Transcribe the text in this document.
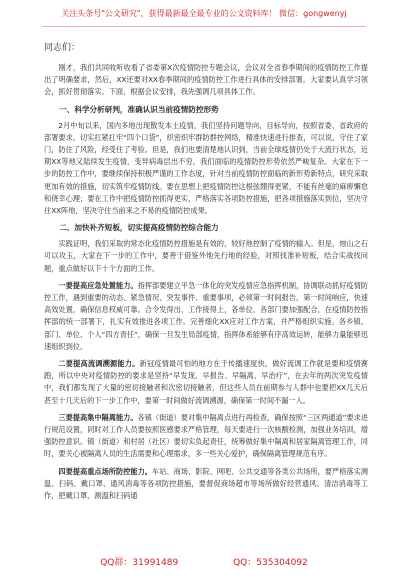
关注头条号"公文研究"，获得最新最全最专业的公文资料库！ 微信：gongwenyj
同志们：

刚才，我们共同收听收看了省委第X次疫情防控专题会议，会议对全省春季期间的疫情防控工作提出了明确要求，然后，XX还要对XX春季期间的疫情防控工作进行具体的安排部署。大家要认真学习领会，抓好贯彻落实。下面，根据会议安排，我先强调几项具体工作。

一、科学分析研判，准确认识当前疫情防控形势

2月中旬以来，国内多地出现散发本土疫情，我们坚持问题导向、目标导向，按照省委、省政府的部署要求，切实扛紧扛牢“四个口袋”，织密织牢群防群控网络，精准快速进行排查，可以说，守住了家门，防住了风险，经受住了考验。但是，我们也要清楚地认识到，当前全球疫情仍处于大流行状态，近期XX等地又陆续发生疫情，变异病毒层出不穷，我们面临的疫情防控形势依然严峻复杂。大家在下一步的防控工作中，要继续保持积极严谨的工作态度，针对当前疫情防控面临的新形势新特点，研究采取更加有效的措施，切实筑牢疫情防线。要在思想上把疫情防控这根弦绷得更紧，不能有丝毫的麻痹懈怠和侥幸心理；要在工作中把疫情防控抓得更实，严格落实各项防控措施，把各项措施落实到位，坚决守住XX阵地，坚决守住当前来之不易的疫情防控成果。

二、加快补齐短板，切实提高疫情防控综合能力

实践证明，我们采取的常态化疫情防控措施是有效的，较好地控制了疫情的输入。但是，烛山之石可以攻玉，大家在下一步的工作中，要善于借鉴外地先行地的经验，对照找准补短板，结合实战找问题，重点做好以下十个方面的工作。

一要提高应急处置能力。指挥部要建立平急一体化的突发疫情应急指挥机制，协调联动抓好疫情防控工作，遇到重要的动态、紧急情况、突发事件、重要事项，必须第一时间报告，第一时间响应，快速高效处置，确保信息权威可靠。合令发得出、工作接得上，各单位、各部门要加强配合，在疫情防控指挥部的统一部署下，扎实有效推进各项工作。完善细化XX应对工作方案，并严格组织实施。各乡镇、部门、单位、个人“四方责任”，确保一旦发生局部疫情，指挥体系能够有序高效运转，能够力量能够迅速组织到位。

二要提高流调溯源能力。新冠疫情最可怕的地方在于传播速度快，做好流调工作就是要和疫情赛跑，所以中央对疫情防控的要求是坚持“早发现、早报告、早隔离、早治疗”，在去年的两次突发疫情中，我们都发现了大量的密切接触者和次密切接触者，但这些人员在前期参与人群中也要把XX几天后甚至十几天后的下一步工作中，要第一时间做好流调溯源，确保第一时间不漏一人。

三要提高集中隔离能力。各镇（街道）要对集中隔离点进行再检查，确保按照“三区两通道”要求进行规范设置，同时对工作人员要按照医感要求严格管理，每天要进行一次核酸检测，加强业务培训，增强防控意识。镇（街道）和村居（社区）要切实负起责任，统筹做好集中隔离和居家隔离管理工作，同时，要关心被隔离人员的生活需要和心理需求，多一些关心爱护，确保隔离管理规范有序。

四要提高重点场所防控能力。车站、商场、影院、网吧、公共交通等各类公共场所，要严格落实测温、扫码、戴口罩、通风消毒等各项防控措施，要督促商场超市等场所做好经营通风、清洁消毒等工作，把戴口罩、测温和扫码通

QQ群：31991489	QQ：535304092
